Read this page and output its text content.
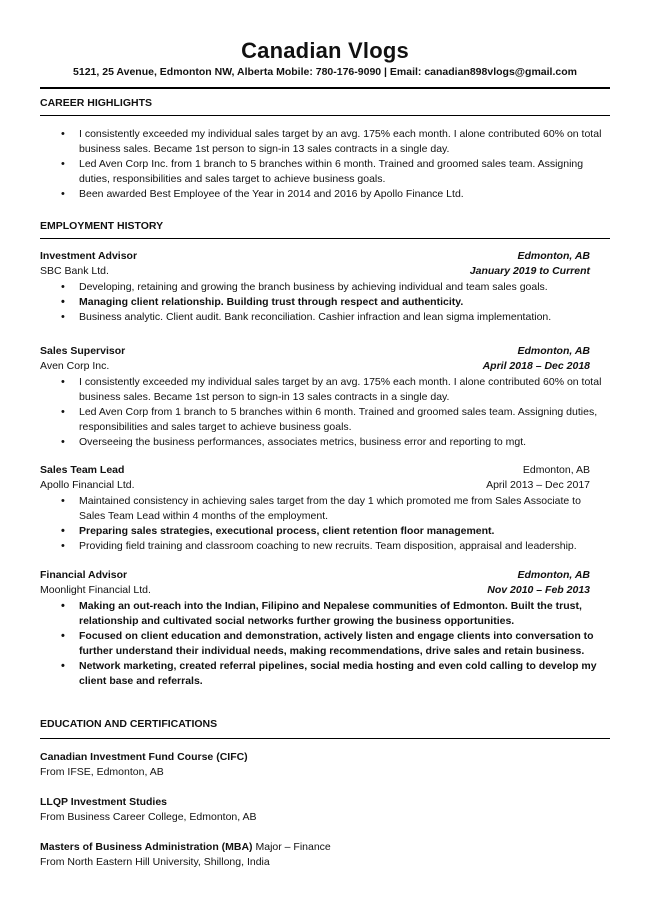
Canadian Vlogs
5121, 25 Avenue, Edmonton NW, Alberta Mobile: 780-176-9090 | Email: canadian898vlogs@gmail.com
CAREER HIGHLIGHTS
• I consistently exceeded my individual sales target by an avg. 175% each month. I alone contributed 60% on total business sales. Became 1st person to sign-in 13 sales contracts in a single day.
• Led Aven Corp Inc. from 1 branch to 5 branches within 6 month. Trained and groomed sales team. Assigning duties, responsibilities and sales target to achieve business goals.
• Been awarded Best Employee of the Year in 2014 and 2016 by Apollo Finance Ltd.
EMPLOYMENT HISTORY
Investment Advisor	Edmonton, AB
SBC Bank Ltd.	January 2019 to Current
• Developing, retaining and growing the branch business by achieving individual and team sales goals.
• Managing client relationship. Building trust through respect and authenticity.
• Business analytic. Client audit. Bank reconciliation. Cashier infraction and lean sigma implementation.
Sales Supervisor	Edmonton, AB
Aven Corp Inc.	April 2018 – Dec 2018
• I consistently exceeded my individual sales target by an avg. 175% each month. I alone contributed 60% on total business sales. Became 1st person to sign-in 13 sales contracts in a single day.
• Led Aven Corp from 1 branch to 5 branches within 6 month. Trained and groomed sales team. Assigning duties, responsibilities and sales target to achieve business goals.
• Overseeing the business performances, associates metrics, business error and reporting to mgt.
Sales Team Lead	Edmonton, AB
Apollo Financial Ltd.	April 2013 – Dec 2017
• Maintained consistency in achieving sales target from the day 1 which promoted me from Sales Associate to Sales Team Lead within 4 months of the employment.
• Preparing sales strategies, executional process, client retention floor management.
• Providing field training and classroom coaching to new recruits. Team disposition, appraisal and leadership.
Financial Advisor	Edmonton, AB
Moonlight Financial Ltd.	Nov 2010 – Feb 2013
• Making an out-reach into the Indian, Filipino and Nepalese communities of Edmonton. Built the trust, relationship and cultivated social networks further growing the business opportunities.
• Focused on client education and demonstration, actively listen and engage clients into conversation to further understand their individual needs, making recommendations, drive sales and retain business.
• Network marketing, created referral pipelines, social media hosting and even cold calling to develop my client base and referrals.
EDUCATION AND CERTIFICATIONS
Canadian Investment Fund Course (CIFC)
From IFSE, Edmonton, AB
LLQP Investment Studies
From Business Career College, Edmonton, AB
Masters of Business Administration (MBA) Major – Finance
From North Eastern Hill University, Shillong, India
